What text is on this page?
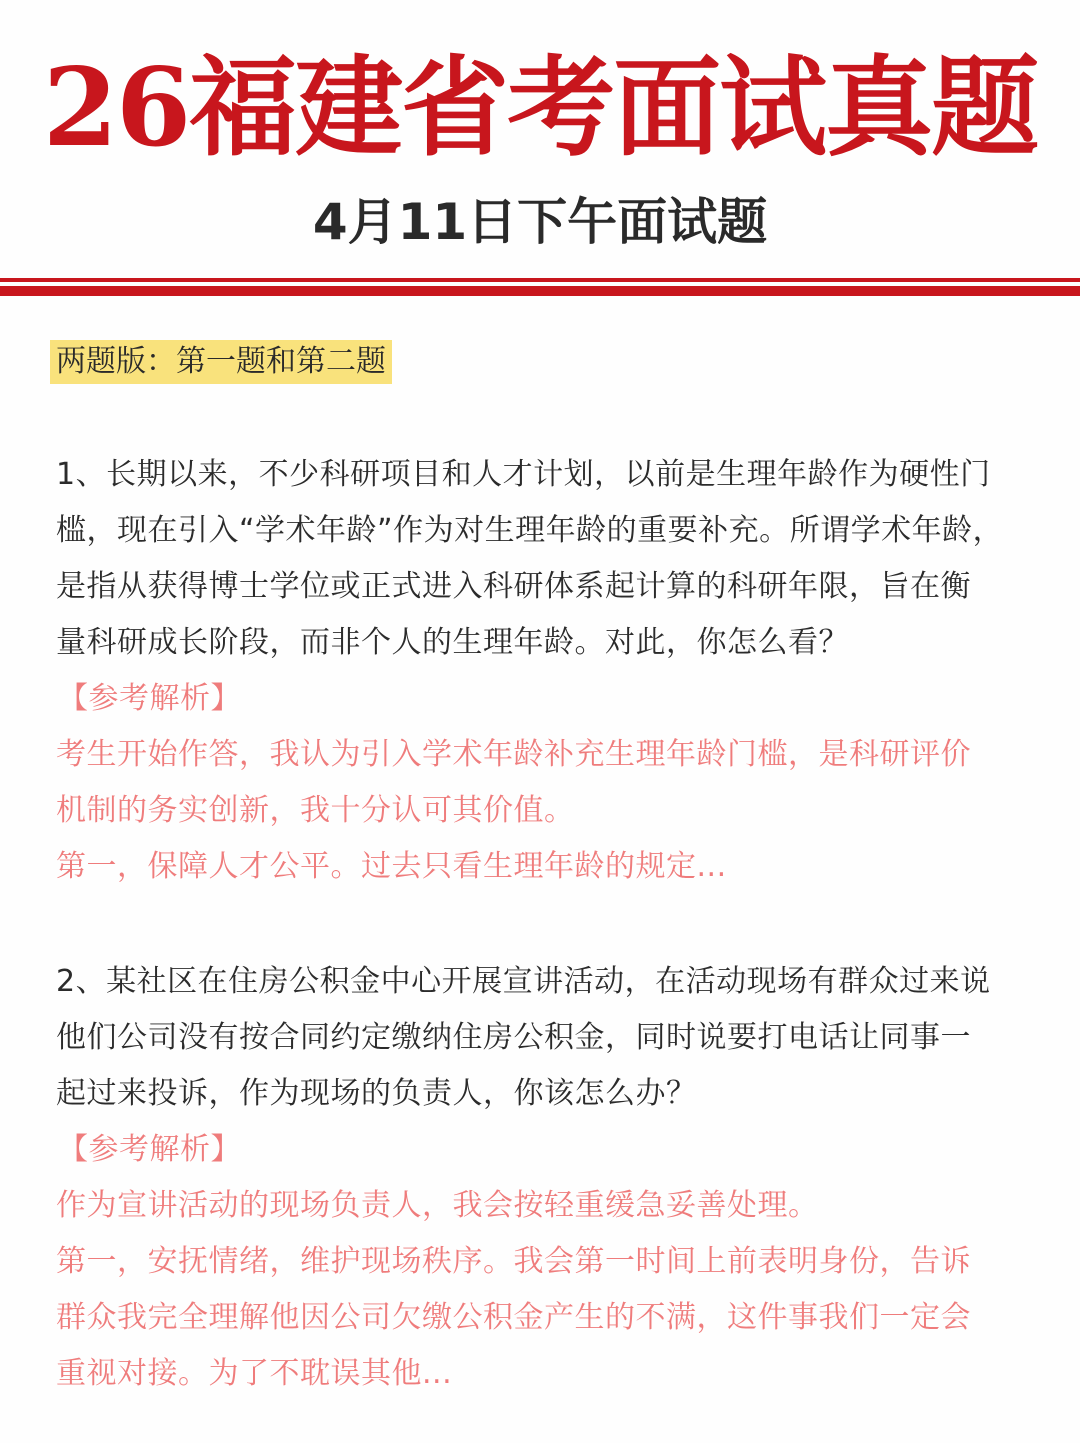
26福建省考面试真题
4月11日下午面试题
两题版：第一题和第二题
1、长期以来，不少科研项目和人才计划，以前是生理年龄作为硬性门
槛，现在引入“学术年龄”作为对生理年龄的重要补充。所谓学术年龄，
是指从获得博士学位或正式进入科研体系起计算的科研年限，旨在衡
量科研成长阶段，而非个人的生理年龄。对此，你怎么看？
【参考解析】
考生开始作答，我认为引入学术年龄补充生理年龄门槛，是科研评价
机制的务实创新，我十分认可其价值。
第一，保障人才公平。过去只看生理年龄的规定...
2、某社区在住房公积金中心开展宣讲活动，在活动现场有群众过来说
他们公司没有按合同约定缴纳住房公积金，同时说要打电话让同事一
起过来投诉，作为现场的负责人，你该怎么办？
【参考解析】
作为宣讲活动的现场负责人，我会按轻重缓急妥善处理。
第一，安抚情绪，维护现场秩序。我会第一时间上前表明身份，告诉
群众我完全理解他因公司欠缴公积金产生的不满，这件事我们一定会
重视对接。为了不耽误其他...
